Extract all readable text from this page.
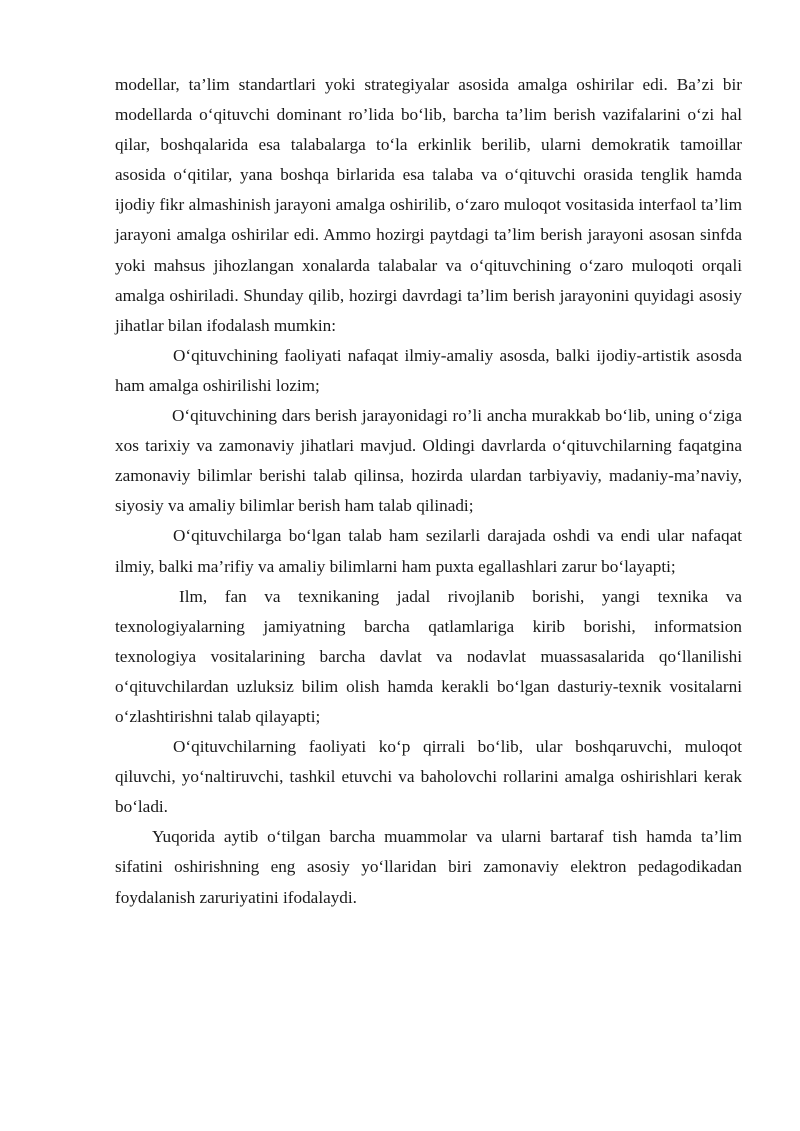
modellar, ta’lim standartlari yoki strategiyalar asosida amalga oshirilar edi. Ba’zi bir modellarda o‘qituvchi dominant ro’lida bo‘lib, barcha ta’lim berish vazifalarini o‘zi hal qilar, boshqalarida esa talabalarga to‘la erkinlik berilib, ularni demokratik tamoillar asosida o‘qitilar, yana boshqa birlarida esa talaba va o‘qituvchi orasida tenglik hamda ijodiy fikr almashinish jarayoni amalga oshirilib, o‘zaro muloqot vositasida interfaol ta’lim jarayoni amalga oshirilar edi. Ammo hozirgi paytdagi ta’lim berish jarayoni asosan sinfda yoki mahsus jihozlangan xonalarda talabalar va o‘qituvchining o‘zaro muloqoti orqali amalga oshiriladi. Shunday qilib, hozirgi davrdagi ta’lim berish jarayonini quyidagi asosiy jihatlar bilan ifodalash mumkin:

O‘qituvchining faoliyati nafaqat ilmiy-amaliy asosda, balki ijodiy-artistik asosda ham amalga oshirilishi lozim;

O‘qituvchining dars berish jarayonidagi ro’li ancha murakkab bo‘lib, uning o‘ziga xos tarixiy va zamonaviy jihatlari mavjud. Oldingi davrlarda o‘qituvchilarning faqatgina zamonaviy bilimlar berishi talab qilinsa, hozirda ulardan tarbiyaviy, madaniy-ma’naviy, siyosiy va amaliy bilimlar berish ham talab qilinadi;

O‘qituvchilarga bo‘lgan talab ham sezilarli darajada oshdi va endi ular nafaqat ilmiy, balki ma’rifiy va amaliy bilimlarni ham puxta egallashlari zarur bo‘layapti;

Ilm, fan va texnikaning jadal rivojlanib borishi, yangi texnika va texnologiyalarning jamiyatning barcha qatlamlariga kirib borishi, informatsion texnologiya vositalarining barcha davlat va nodavlat muassasalarida qo‘llanilishi o‘qituvchilardan uzluksiz bilim olish hamda kerakli bo‘lgan dasturiy-texnik vositalarni o‘zlashtirishni talab qilayapti;

O‘qituvchilarning faoliyati ko‘p qirrali bo‘lib, ular boshqaruvchi, muloqot qiluvchi, yo‘naltiruvchi, tashkil etuvchi va baholovchi rollarini amalga oshirishlari kerak bo‘ladi.

Yuqorida aytib o‘tilgan barcha muammolar va ularni bartaraf tish hamda ta’lim sifatini oshirishning eng asosiy yo‘llaridan biri zamonaviy elektron pedagodikadan foydalanish zaruriyatini ifodalaydi.
